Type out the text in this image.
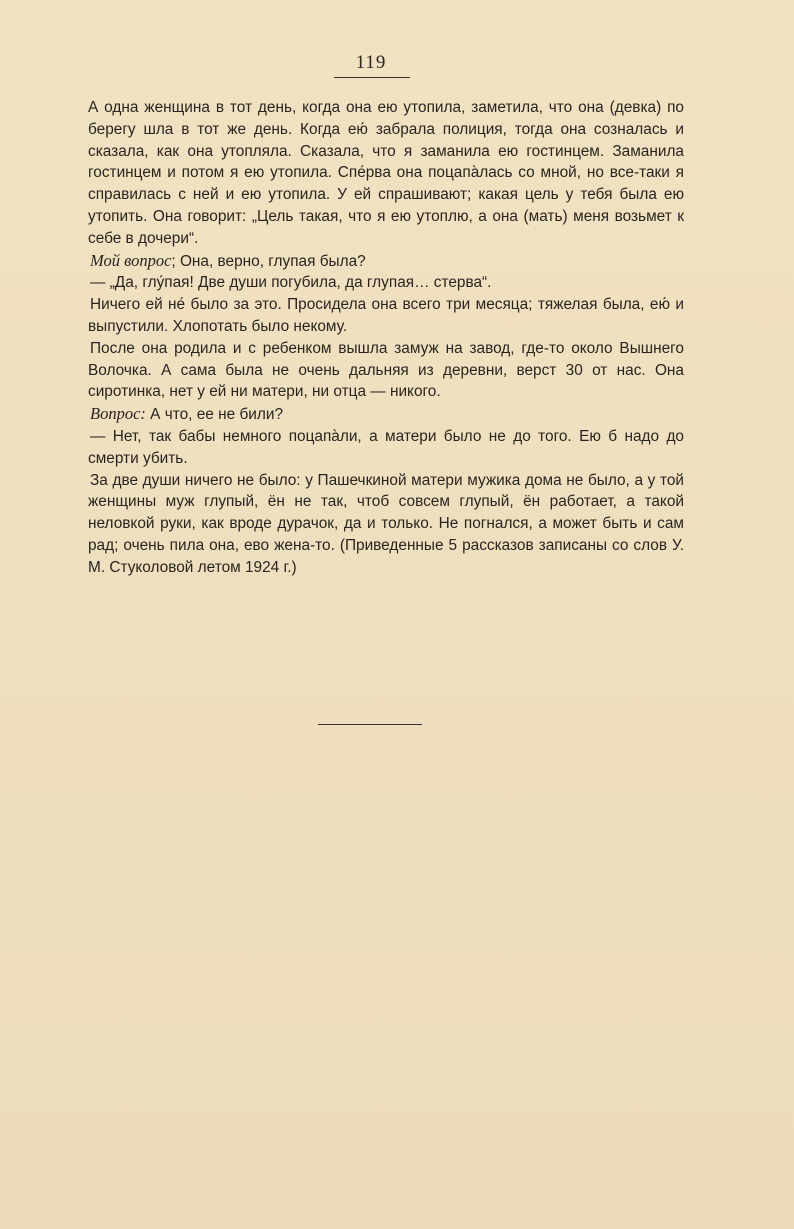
119

А одна женщина в тот день, когда она ею утопила, заметила, что она (девка) по берегу шла в тот же день. Когда ею́ забрала полиция, тогда она созналась и сказала, как она утопляла. Сказала, что я заманила ею гостинцем. Заманила гостинцем и потом я ею утопила. Спе́рва она поцапа̀лась со мной, но все-таки я справилась с ней и ею утопила. У ей спрашивают; какая цель у тебя была ею утопить. Она говорит: „Цель такая, что я ею утоплю, а она (мать) меня возьмет к себе в дочери“.

Мой вопрос; Она, верно, глупая была?

— „Да, глу́пая! Две души погубила, да глупая… стерва“.

Ничего ей не́ было за это. Просидела она всего три месяца; тяжелая была, ею́ и выпустили. Хлопотать было некому.

После она родила и с ребенком вышла замуж на завод, где-то около Вышнего Волочка. А сама была не очень дальняя из деревни, верст 30 от нас. Она сиротинка, нет у ей ни матери, ни отца — никого.

Вопрос: А что, ее не били?

— Нет, так бабы немного поцапа̀ли, а матери было не до того. Ею б надо до смерти убить.

За две души ничего не было: у Пашечкиной матери мужика дома не было, а у той женщины муж глупый, ён не так, чтоб совсем глупый, ён работает, а такой неловкой руки, как вроде дурачок, да и только. Не погнался, а может быть и сам рад; очень пила она, ево жена-то. (Приведенные 5 рассказов записаны со слов У. М. Стуколовой летом 1924 г.)
